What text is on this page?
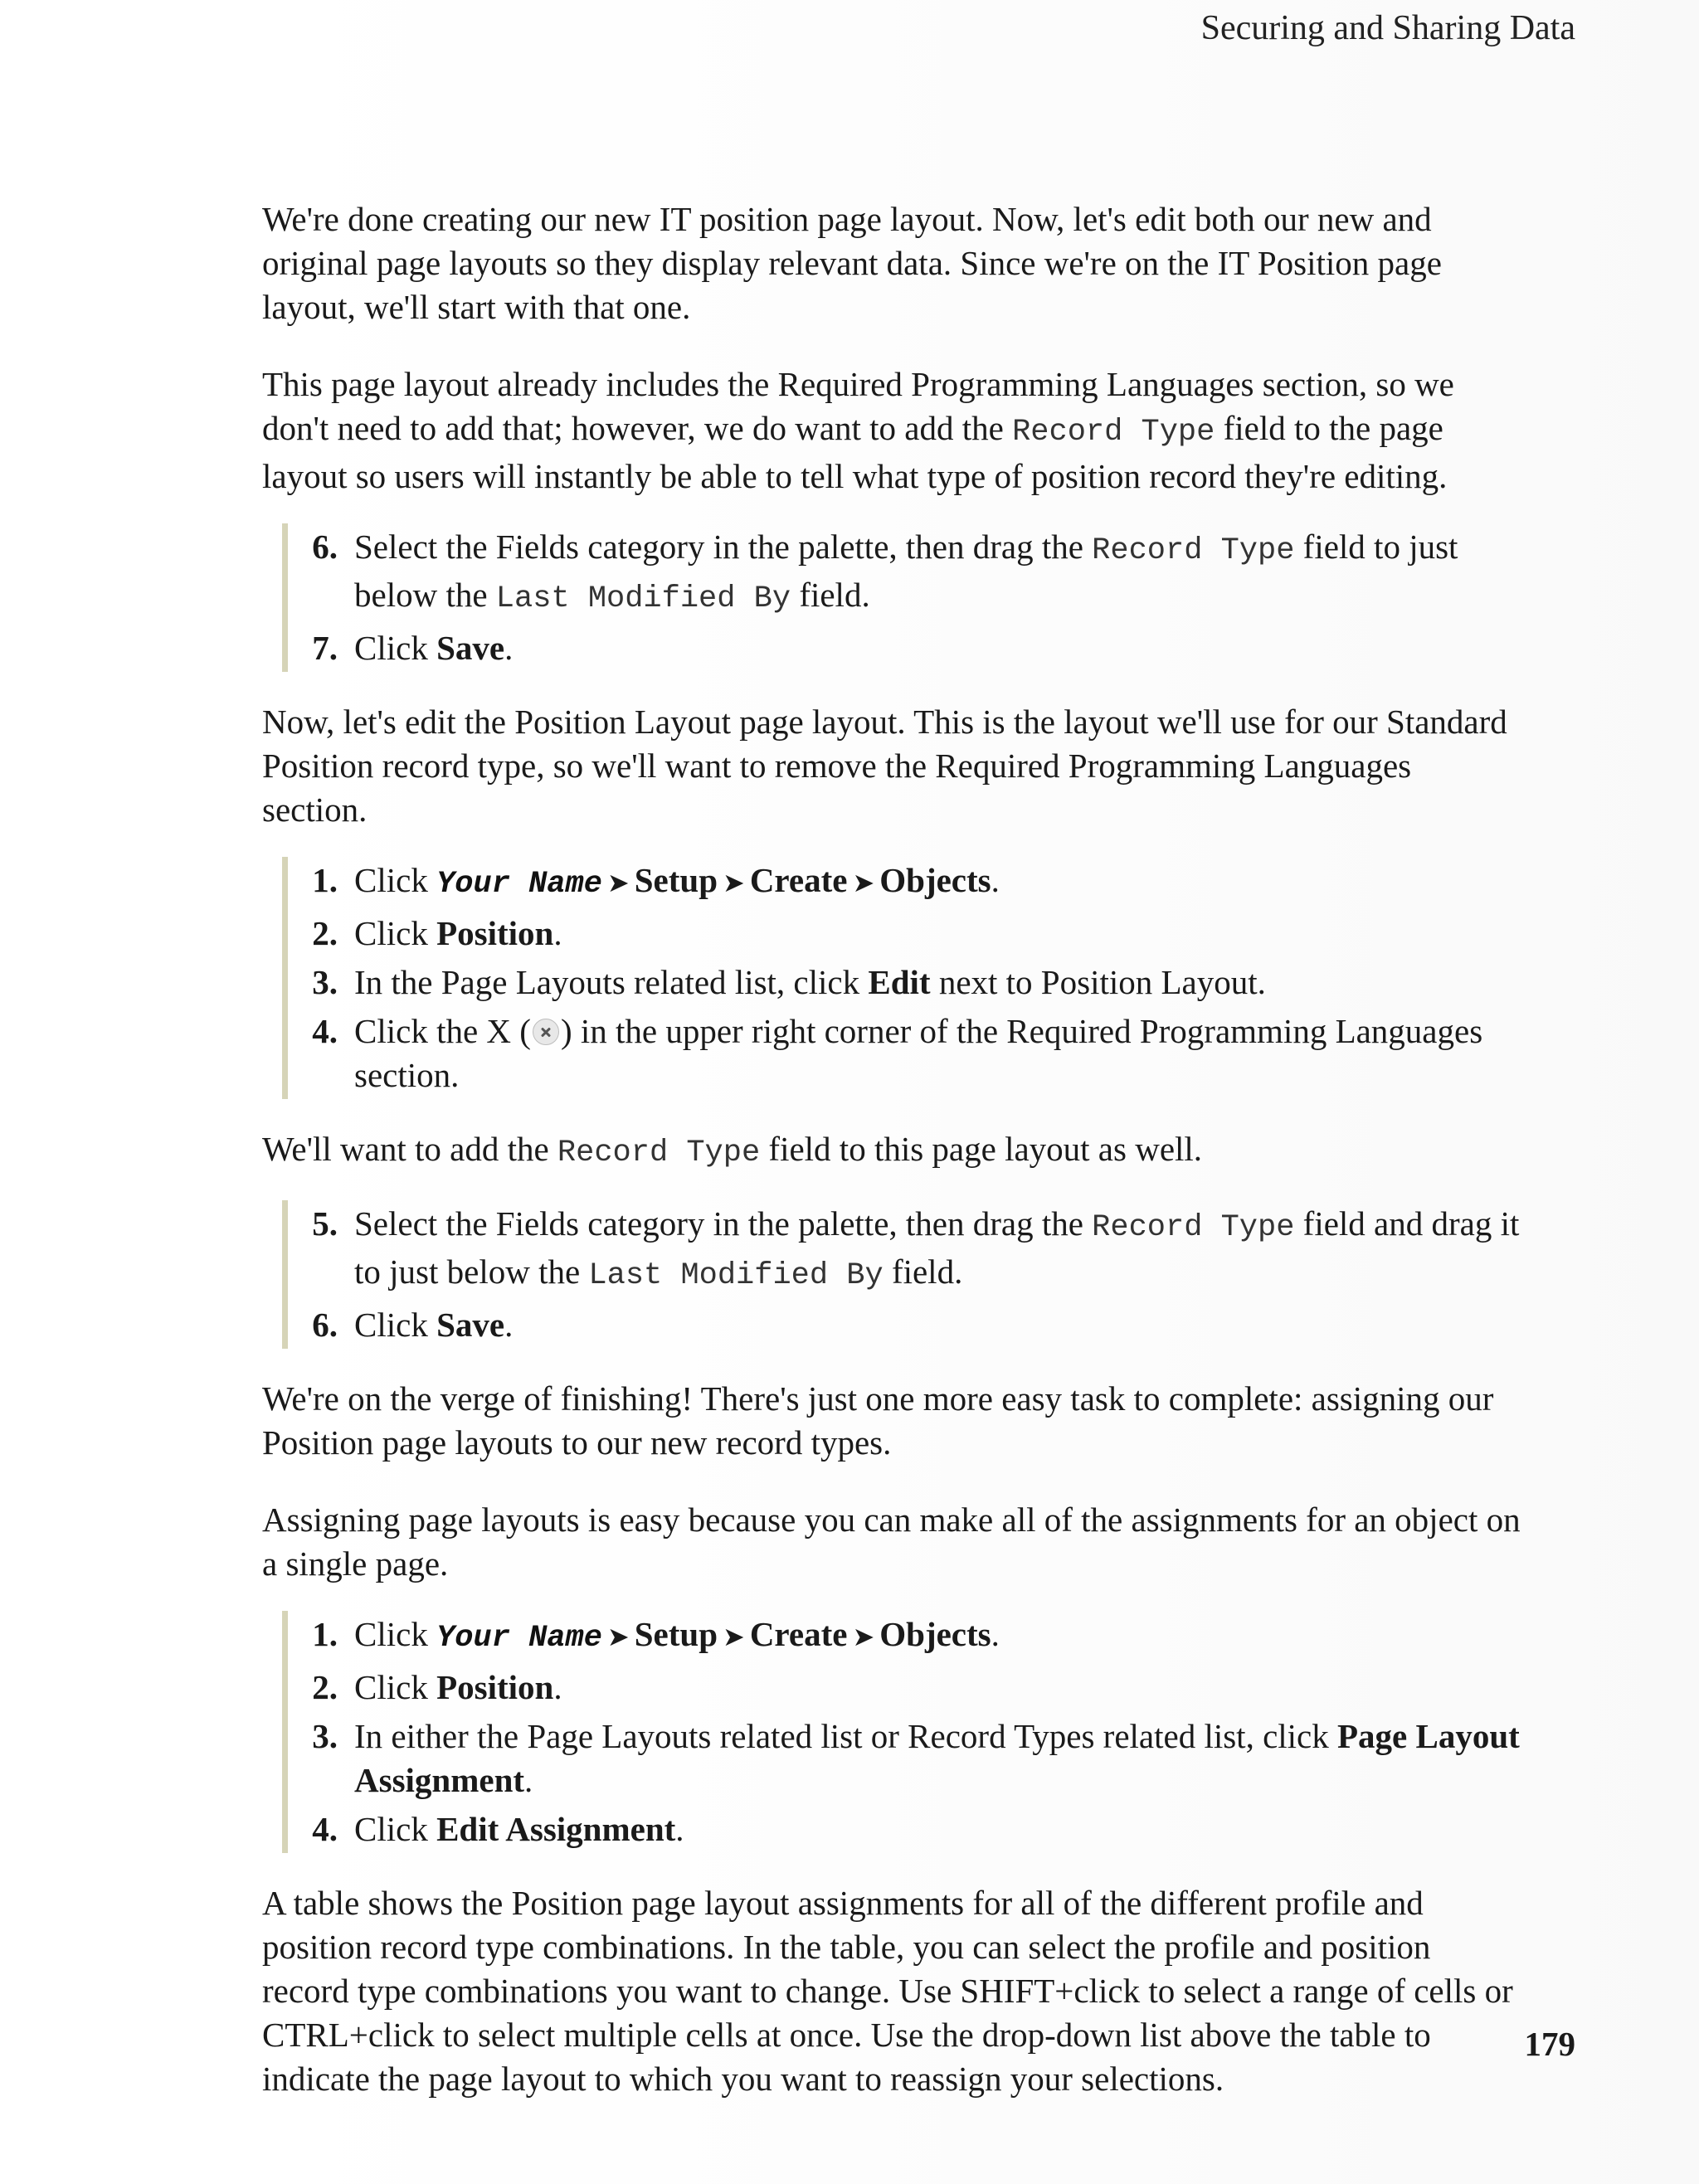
Securing and Sharing Data

We're done creating our new IT position page layout. Now, let's edit both our new and original page layouts so they display relevant data. Since we're on the IT Position page layout, we'll start with that one.

This page layout already includes the Required Programming Languages section, so we don't need to add that; however, we do want to add the Record Type field to the page layout so users will instantly be able to tell what type of position record they're editing.

6 . Select the Fields category in the palette, then drag the Record Type field to just below the Last Modified By field.
7 . Click Save.

Now, let's edit the Position Layout page layout. This is the layout we'll use for our Standard Position record type, so we'll want to remove the Required Programming Languages section.

1 . Click Your Name ➤ Setup ➤ Create ➤ Objects.
2 . Click Position.
3 . In the Page Layouts related list, click Edit next to Position Layout.
4 . Click the X ( ) in the upper right corner of the Required Programming Languages section.

We'll want to add the Record Type field to this page layout as well.

5 . Select the Fields category in the palette, then drag the Record Type field and drag it to just below the Last Modified By field.
6 . Click Save.

We're on the verge of finishing! There's just one more easy task to complete: assigning our Position page layouts to our new record types.

Assigning page layouts is easy because you can make all of the assignments for an object on a single page.

1 . Click Your Name ➤ Setup ➤ Create ➤ Objects.
2 . Click Position.
3 . In either the Page Layouts related list or Record Types related list, click Page Layout Assignment.
4 . Click Edit Assignment.

A table shows the Position page layout assignments for all of the different profile and position record type combinations. In the table, you can select the profile and position record type combinations you want to change. Use SHIFT+click to select a range of cells or CTRL+click to select multiple cells at once. Use the drop-down list above the table to indicate the page layout to which you want to reassign your selections.

179
